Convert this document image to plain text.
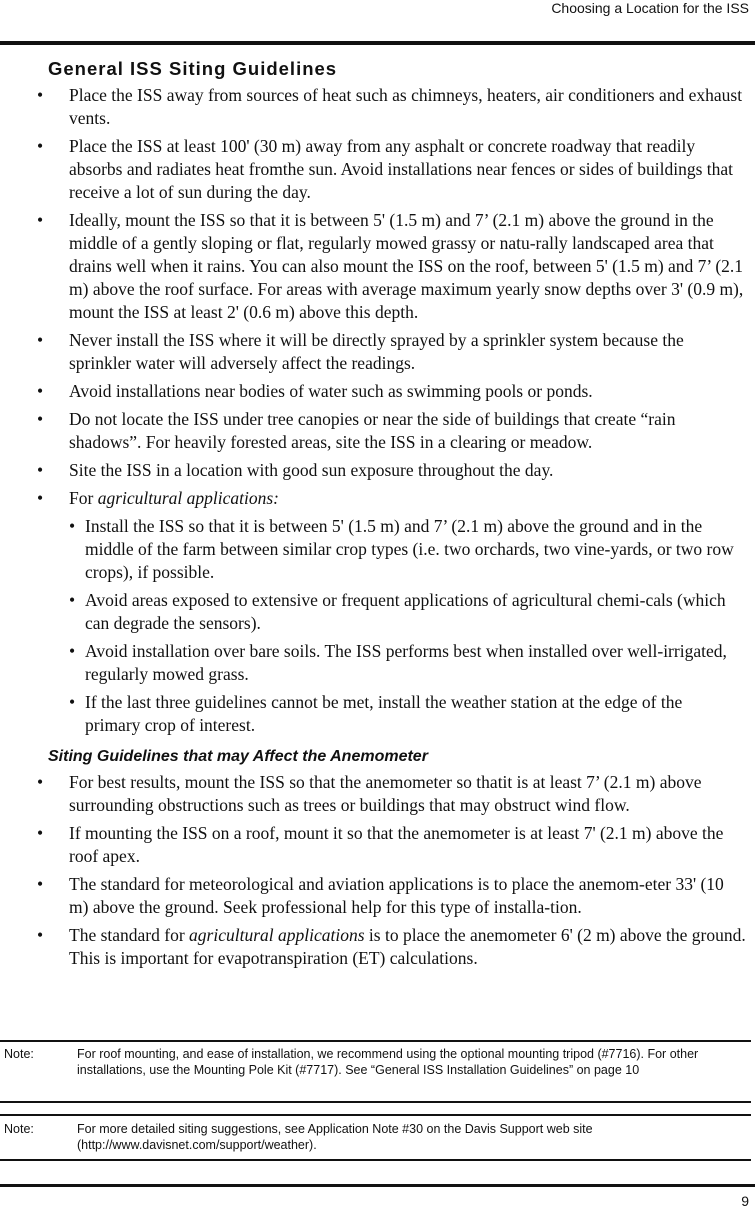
Choosing a Location for the ISS
General ISS Siting Guidelines
• Place the ISS away from sources of heat such as chimneys, heaters, air conditioners and exhaust vents.
• Place the ISS at least 100' (30 m) away from any asphalt or concrete roadway that readily absorbs and radiates heat fromthe sun. Avoid installations near fences or sides of buildings that receive a lot of sun during the day.
• Ideally, mount the ISS so that it is between 5' (1.5 m) and 7’ (2.1 m) above the ground in the middle of a gently sloping or flat, regularly mowed grassy or natu-rally landscaped area that drains well when it rains. You can also mount the ISS on the roof, between 5' (1.5 m) and 7’ (2.1 m) above the roof surface. For areas with average maximum yearly snow depths over 3' (0.9 m), mount the ISS at least 2' (0.6 m) above this depth.
• Never install the ISS where it will be directly sprayed by a sprinkler system because the sprinkler water will adversely affect the readings.
• Avoid installations near bodies of water such as swimming pools or ponds.
• Do not locate the ISS under tree canopies or near the side of buildings that create “rain shadows”. For heavily forested areas, site the ISS in a clearing or meadow.
• Site the ISS in a location with good sun exposure throughout the day.
• For agricultural applications:
• Install the ISS so that it is between 5' (1.5 m) and 7’ (2.1 m) above the ground and in the middle of the farm between similar crop types (i.e. two orchards, two vine-yards, or two row crops), if possible.
• Avoid areas exposed to extensive or frequent applications of agricultural chemi-cals (which can degrade the sensors).
• Avoid installation over bare soils. The ISS performs best when installed over well-irrigated, regularly mowed grass.
• If the last three guidelines cannot be met, install the weather station at the edge of the primary crop of interest.
Siting Guidelines that may Affect the Anemometer
• For best results, mount the ISS so that the anemometer so thatit is at least 7’ (2.1 m) above surrounding obstructions such as trees or buildings that may obstruct wind flow.
• If mounting the ISS on a roof, mount it so that the anemometer is at least 7' (2.1 m) above the roof apex.
• The standard for meteorological and aviation applications is to place the anemom-eter 33' (10 m) above the ground. Seek professional help for this type of installa-tion.
• The standard for agricultural applications is to place the anemometer 6' (2 m) above the ground. This is important for evapotranspiration (ET) calculations.
Note:	For roof mounting, and ease of installation, we recommend using the optional mounting tripod (#7716). For other installations, use the Mounting Pole Kit (#7717). See “General ISS Installation Guidelines” on page 10
Note:	For more detailed siting suggestions, see Application Note #30 on the Davis Support web site (http://www.davisnet.com/support/weather).
9
